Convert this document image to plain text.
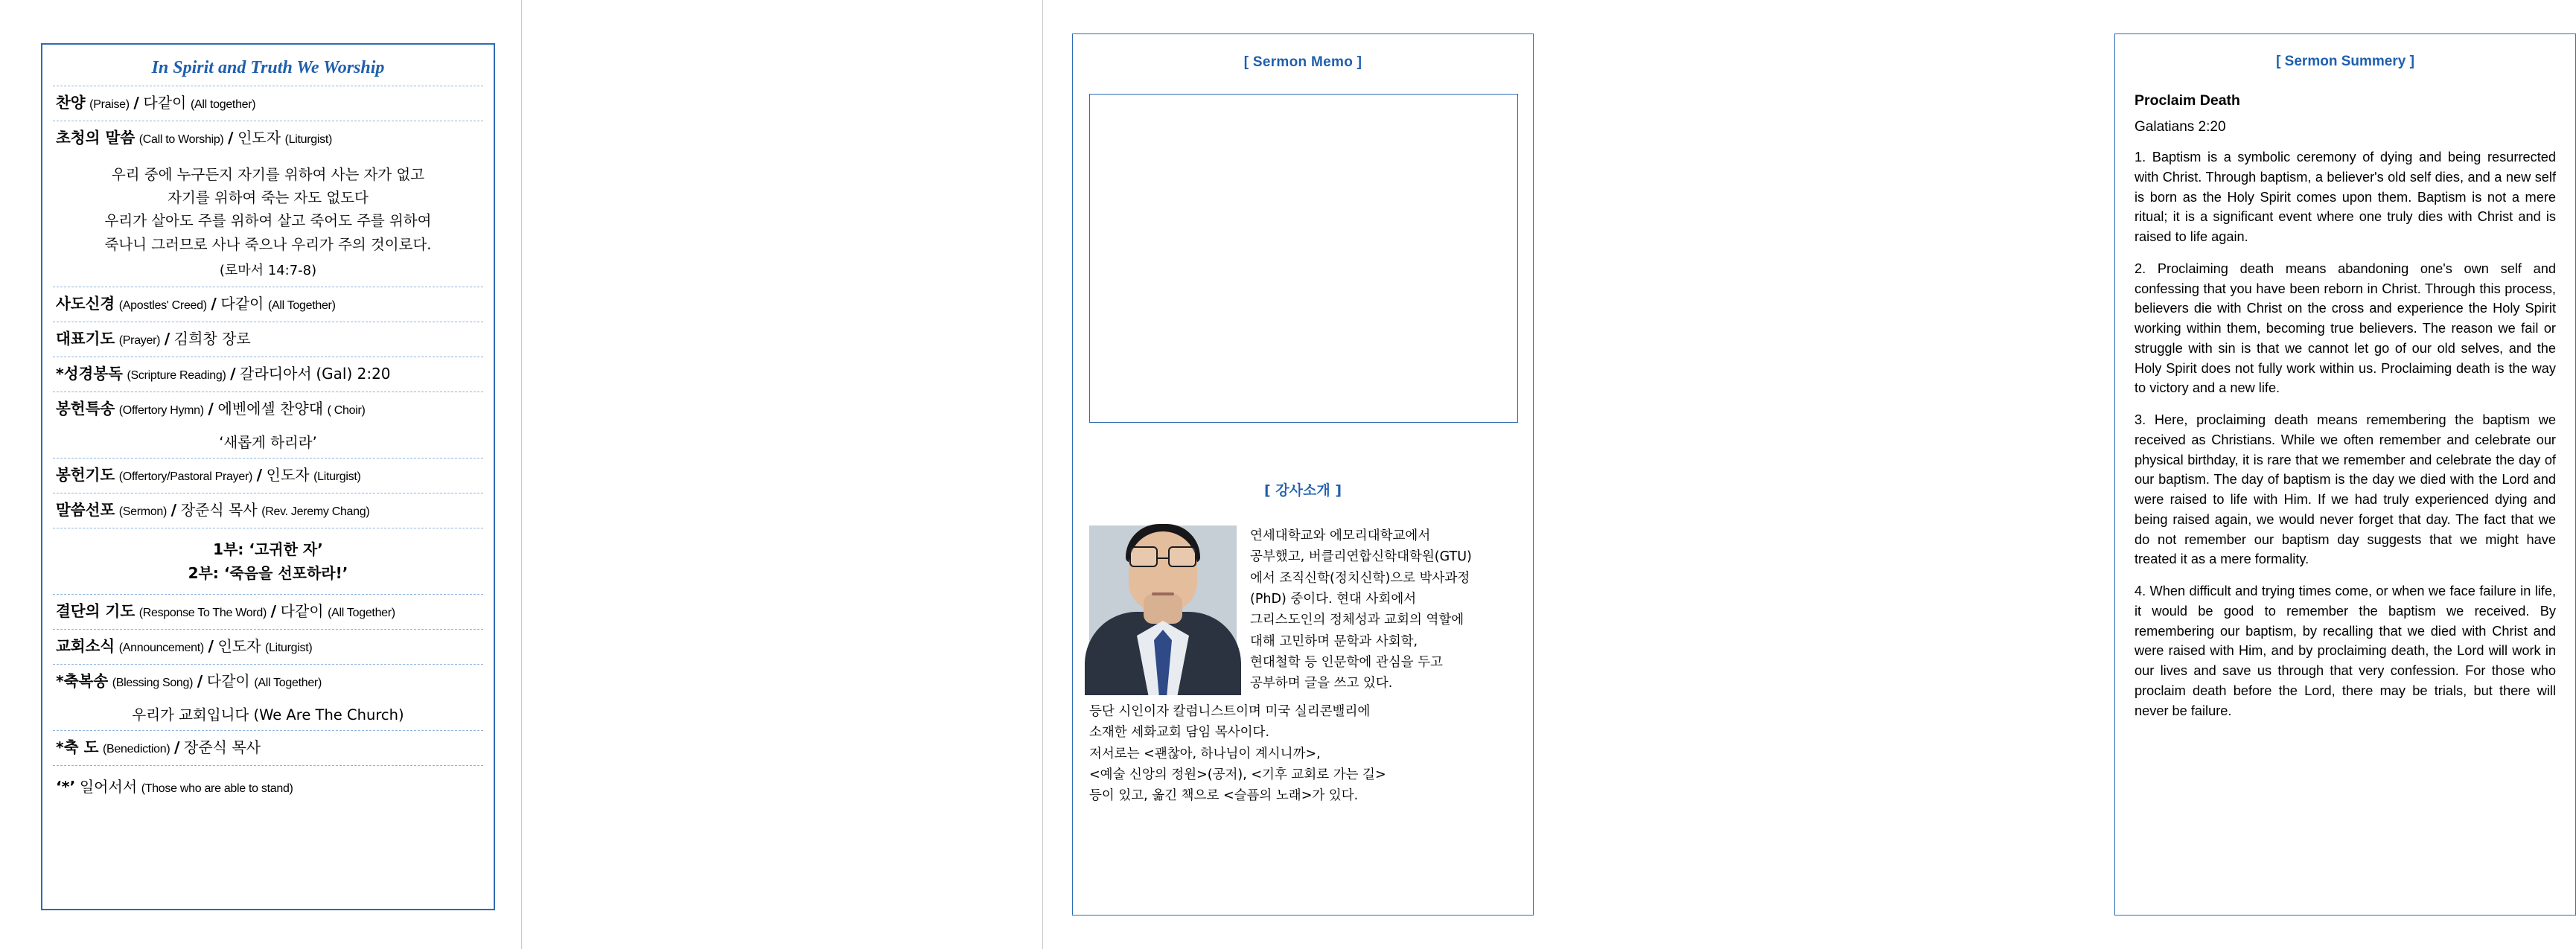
In Spirit and Truth We Worship
찬양 (Praise) / 다같이 (All together)
초청의 말씀 (Call to Worship) / 인도자 (Liturgist)
우리 중에 누구든지 자기를 위하여 사는 자가 없고
자기를 위하여 죽는 자도 없도다
우리가 살아도 주를 위하여 살고 죽어도 주를 위하여
죽나니 그러므로 사나 죽으나 우리가 주의 것이로다.
(로마서 14:7-8)
사도신경 (Apostles' Creed) / 다같이 (All Together)
대표기도 (Prayer) / 김희창 장로
*성경봉독 (Scripture Reading) / 갈라디아서 (Gal) 2:20
봉헌특송 (Offertory Hymn) / 에벤에셀 찬양대 ( Choir)
‘새롭게 하리라’
봉헌기도 (Offertory/Pastoral Prayer) / 인도자 (Liturgist)
말씀선포 (Sermon) / 장준식 목사 (Rev. Jeremy Chang)
1부: ‘고귀한 자’
2부: ‘죽음을 선포하라!’
결단의 기도 (Response To The Word) / 다같이 (All Together)
교회소식 (Announcement) / 인도자 (Liturgist)
*축복송 (Blessing Song) / 다같이 (All Together)
우리가 교회입니다 (We Are The Church)
*축 도 (Benediction) / 장준식 목사
‘*’ 일어서서 (Those who are able to stand)
[ Sermon Memo ]
[ 강사소개 ]
연세대학교와 에모리대학교에서
공부했고, 버클리연합신학대학원(GTU)
에서 조직신학(정치신학)으로 박사과정
(PhD) 중이다. 현대 사회에서
그리스도인의 정체성과 교회의 역할에
대해 고민하며 문학과 사회학,
현대철학 등 인문학에 관심을 두고
공부하며 글을 쓰고 있다.
등단 시인이자 칼럼니스트이며 미국 실리콘밸리에
소재한 세화교회 담임 목사이다.
저서로는 <괜찮아, 하나님이 계시니까>,
<예술 신앙의 정원>(공저), <기후 교회로 가는 길>
등이 있고, 옮긴 책으로 <슬픔의 노래>가 있다.
[ Sermon Summery ]
Proclaim Death
Galatians 2:20
1. Baptism is a symbolic ceremony of dying and being resurrected with Christ. Through baptism, a believer's old self dies, and a new self is born as the Holy Spirit comes upon them. Baptism is not a mere ritual; it is a significant event where one truly dies with Christ and is raised to life again.
2. Proclaiming death means abandoning one's own self and confessing that you have been reborn in Christ. Through this process, believers die with Christ on the cross and experience the Holy Spirit working within them, becoming true believers. The reason we fail or struggle with sin is that we cannot let go of our old selves, and the Holy Spirit does not fully work within us. Proclaiming death is the way to victory and a new life.
3. Here, proclaiming death means remembering the baptism we received as Christians. While we often remember and celebrate our physical birthday, it is rare that we remember and celebrate the day of our baptism. The day of baptism is the day we died with the Lord and were raised to life with Him. If we had truly experienced dying and being raised again, we would never forget that day. The fact that we do not remember our baptism day suggests that we might have treated it as a mere formality.
4. When difficult and trying times come, or when we face failure in life, it would be good to remember the baptism we received. By remembering our baptism, by recalling that we died with Christ and were raised with Him, and by proclaiming death, the Lord will work in our lives and save us through that very confession. For those who proclaim death before the Lord, there may be trials, but there will never be failure.
